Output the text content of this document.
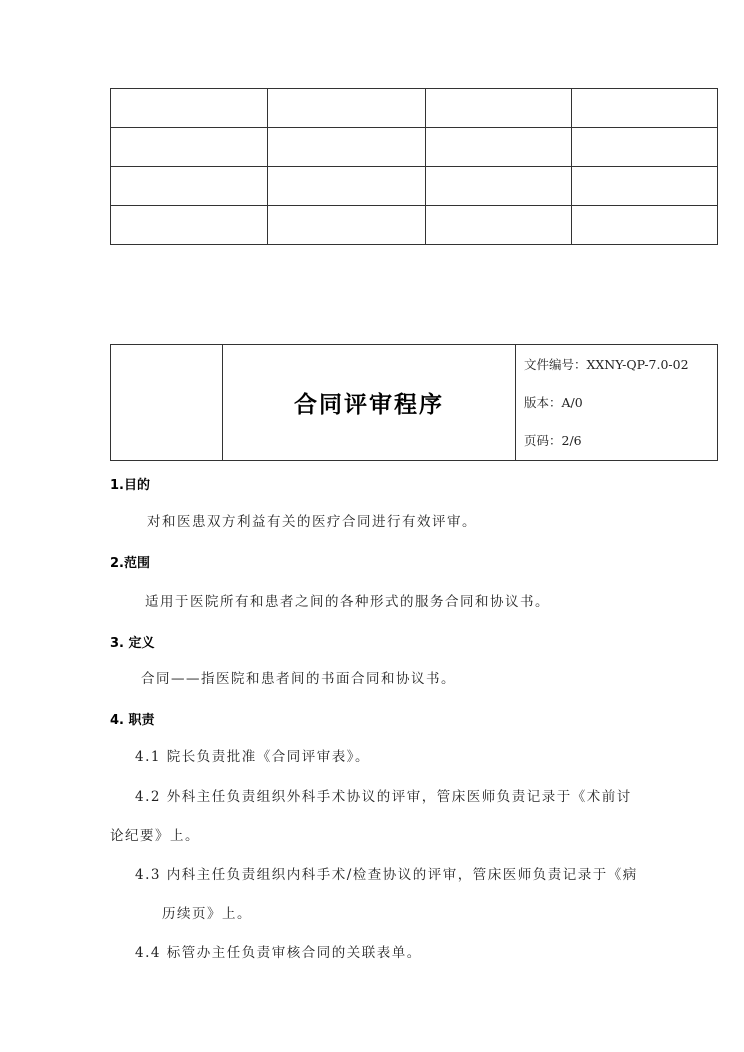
	合同评审程序	
文件编号：XXNY-QP-7.0-02
版本：A/0
页码：2/6
1.目的
对和医患双方利益有关的医疗合同进行有效评审。
2.范围
适用于医院所有和患者之间的各种形式的服务合同和协议书。
3. 定义
合同——指医院和患者间的书面合同和协议书。
4. 职责
4.1 院长负责批准《合同评审表》。
4.2 外科主任负责组织外科手术协议的评审，管床医师负责记录于《术前讨
论纪要》上。
4.3 内科主任负责组织内科手术/检查协议的评审，管床医师负责记录于《病
历续页》上。
4.4 标管办主任负责审核合同的关联表单。
